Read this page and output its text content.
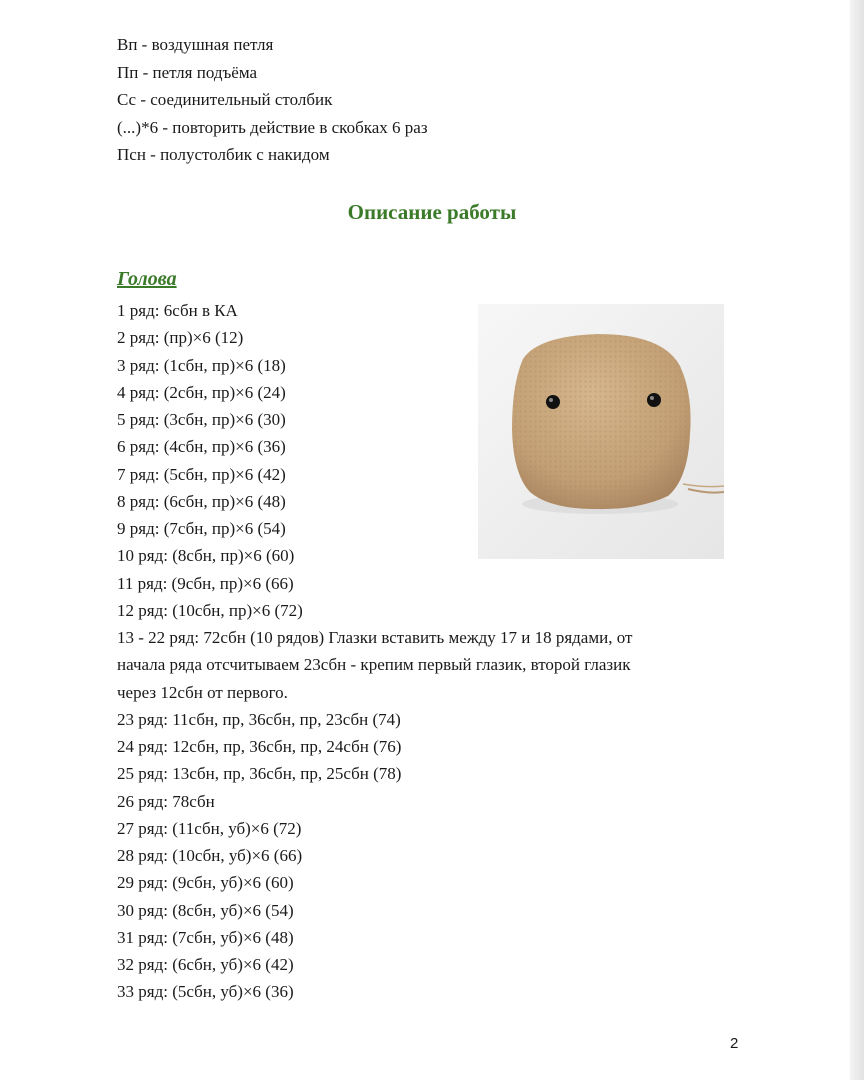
Вп - воздушная петля
Пп - петля подъёма
Сс - соединительный столбик
(...)*6 - повторить действие в скобках 6 раз
Псн - полустолбик с накидом
Описание работы
Голова
1 ряд: 6сбн в КА
2 ряд: (пр)×6 (12)
3 ряд: (1сбн, пр)×6 (18)
4 ряд: (2сбн, пр)×6 (24)
5 ряд: (3сбн, пр)×6 (30)
6 ряд: (4сбн, пр)×6 (36)
7 ряд: (5сбн, пр)×6 (42)
8 ряд: (6сбн, пр)×6 (48)
9 ряд: (7сбн, пр)×6 (54)
10 ряд: (8сбн, пр)×6 (60)
11 ряд: (9сбн, пр)×6 (66)
12 ряд: (10сбн, пр)×6 (72)
13 - 22 ряд: 72сбн (10 рядов) Глазки вставить между 17 и 18 рядами, от
начала ряда отсчитываем 23сбн - крепим первый глазик, второй глазик
через 12сбн от первого.
23 ряд: 11сбн, пр, 36сбн, пр, 23сбн (74)
24 ряд: 12сбн, пр, 36сбн, пр, 24сбн (76)
25 ряд: 13сбн, пр, 36сбн, пр, 25сбн (78)
26 ряд: 78сбн
27 ряд: (11сбн, уб)×6 (72)
28 ряд: (10сбн, уб)×6 (66)
29 ряд: (9сбн, уб)×6 (60)
30 ряд: (8сбн, уб)×6 (54)
31 ряд: (7сбн, уб)×6 (48)
32 ряд: (6сбн, уб)×6 (42)
33 ряд: (5сбн, уб)×6 (36)
2
